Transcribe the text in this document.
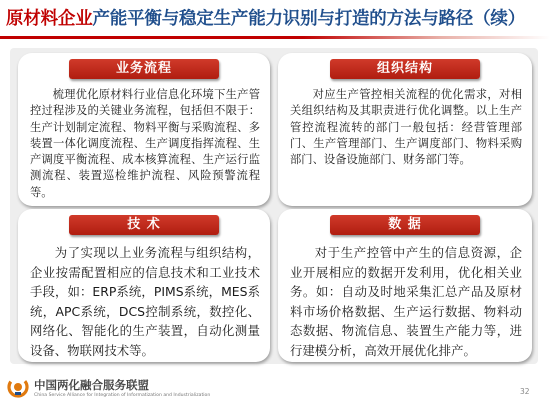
原材料企业产能平衡与稳定生产能力识别与打造的方法与路径（续）
业务流程
梳理优化原材料行业信息化环境下生产管控过程涉及的关键业务流程，包括但不限于：生产计划制定流程、物料平衡与采购流程、多装置一体化调度流程、生产调度指挥流程、生产调度平衡流程、成本核算流程、生产运行监测流程、装置巡检维护流程、风险预警流程等。
组织结构
对应生产管控相关流程的优化需求，对相关组织结构及其职责进行优化调整。以上生产管控流程流转的部门一般包括：经营管理部门、生产管理部门、生产调度部门、物料采购部门、设备设施部门、财务部门等。
技 术
为了实现以上业务流程与组织结构，企业按需配置相应的信息技术和工业技术手段，如：ERP系统，PIMS系统，MES系统，APC系统，DCS控制系统，数控化、网络化、智能化的生产装置，自动化测量设备、物联网技术等。
数 据
对于生产控管中产生的信息资源，企业开展相应的数据开发利用，优化相关业务。如：自动及时地采集汇总产品及原材料市场价格数据、生产运行数据、物料动态数据、物流信息、装置生产能力等，进行建模分析，高效开展优化排产。
中国两化融合服务联盟
China Service Alliance for Integration of Informatization and Industrialization	32
